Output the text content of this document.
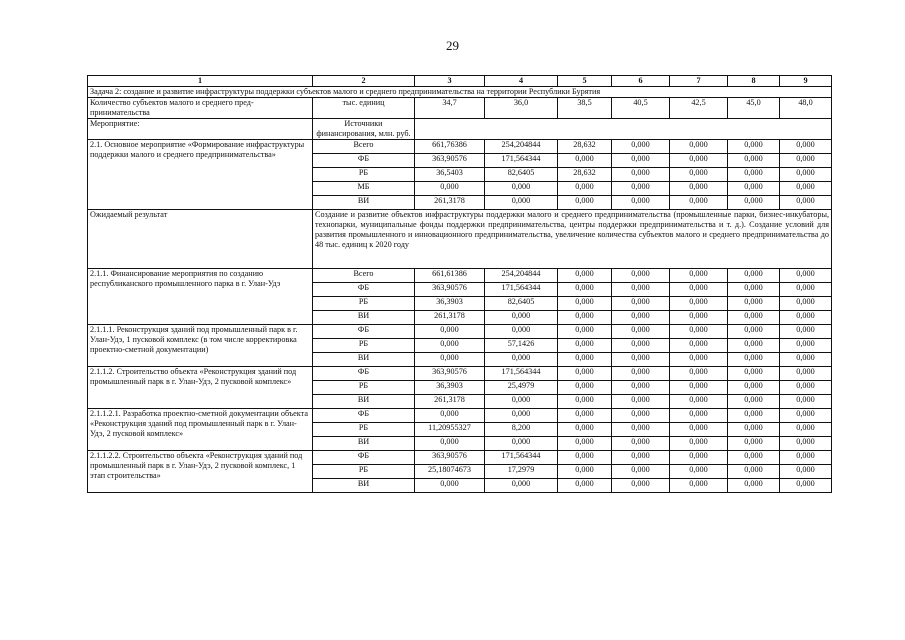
29
1	2	3	4	5	6	7	8	9
Задача 2: создание и развитие инфраструктуры поддержки субъектов малого и среднего предпринимательства на территории Республики Бурятия								
Количество субъектов малого и среднего пред-принимательства	тыс. единиц	34,7	36,0	38,5	40,5	42,5	45,0	48,0
Мероприятие:	Источники финансирования, млн. руб.							
2.1. Основное мероприятие «Формирование инфраструктуры поддержки малого и среднего предпринимательства»	Всего	661,76386	254,204844	28,632	0,000	0,000	0,000	0,000
	ФБ	363,90576	171,564344	0,000	0,000	0,000	0,000	0,000
	РБ	36,5403	82,6405	28,632	0,000	0,000	0,000	0,000
	МБ	0,000	0,000	0,000	0,000	0,000	0,000	0,000
	ВИ	261,3178	0,000	0,000	0,000	0,000	0,000	0,000
Ожидаемый результат	Создание и развитие объектов инфраструктуры поддержки малого и среднего предпринимательства (промышленные парки, бизнес-инкубаторы, технопарки, муниципальные фонды поддержки предпринимательства, центры поддержки предпринимательства и т. д.). Создание условий для развития промышленного и инновационного предпринимательства, увеличение количества субъектов малого и среднего предпринимательства до 48 тыс. единиц к 2020 году							
2.1.1. Финансирование мероприятия по созданию республиканского промышленного парка в г. Улан-Удэ	Всего	661,61386	254,204844	0,000	0,000	0,000	0,000	0,000
	ФБ	363,90576	171,564344	0,000	0,000	0,000	0,000	0,000
	РБ	36,3903	82,6405	0,000	0,000	0,000	0,000	0,000
	ВИ	261,3178	0,000	0,000	0,000	0,000	0,000	0,000
2.1.1.1. Реконструкция зданий под промышленный парк в г. Улан-Удэ, 1 пусковой комплекс (в том числе корректировка проектно-сметной документации)	ФБ	0,000	0,000	0,000	0,000	0,000	0,000	0,000
	РБ	0,000	57,1426	0,000	0,000	0,000	0,000	0,000
	ВИ	0,000	0,000	0,000	0,000	0,000	0,000	0,000
2.1.1.2. Строительство объекта «Реконструкция зданий под промышленный парк в г. Улан-Удэ, 2 пусковой комплекс»	ФБ	363,90576	171,564344	0,000	0,000	0,000	0,000	0,000
	РБ	36,3903	25,4979	0,000	0,000	0,000	0,000	0,000
	ВИ	261,3178	0,000	0,000	0,000	0,000	0,000	0,000
2.1.1.2.1. Разработка проектно-сметной документации объекта «Реконструкция зданий под промышленный парк в г. Улан-Удэ, 2 пусковой комплекс»	ФБ	0,000	0,000	0,000	0,000	0,000	0,000	0,000
	РБ	11,20955327	8,200	0,000	0,000	0,000	0,000	0,000
	ВИ	0,000	0,000	0,000	0,000	0,000	0,000	0,000
2.1.1.2.2. Строительство объекта «Реконструкция зданий под промышленный парк в г. Улан-Удэ, 2 пусковой комплекс, 1 этап строительства»	ФБ	363,90576	171,564344	0,000	0,000	0,000	0,000	0,000
	РБ	25,18074673	17,2979	0,000	0,000	0,000	0,000	0,000
	ВИ	0,000	0,000	0,000	0,000	0,000	0,000	0,000
